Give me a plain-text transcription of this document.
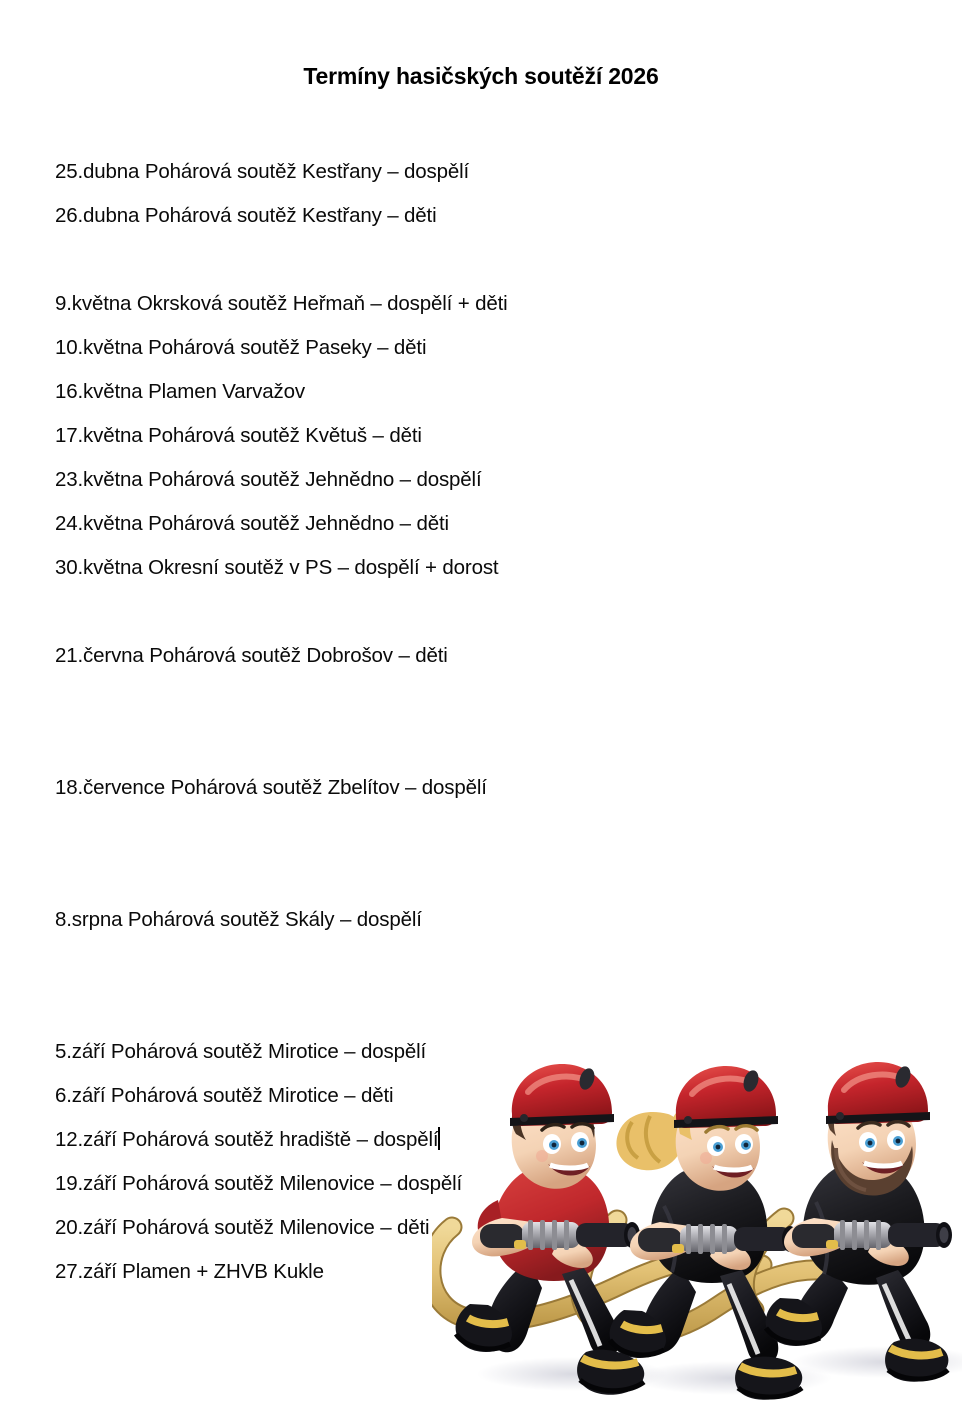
Termíny hasičských soutěží 2026
25.dubna Pohárová soutěž Kestřany – dospělí
26.dubna Pohárová soutěž Kestřany – děti
9.května Okrsková soutěž Heřmaň – dospělí + děti
10.května Pohárová soutěž Paseky – děti
16.května Plamen Varvažov
17.května Pohárová soutěž Květuš – děti
23.května Pohárová soutěž Jehnědno – dospělí
24.května Pohárová soutěž Jehnědno – děti
30.května Okresní soutěž v PS – dospělí + dorost
21.června Pohárová soutěž Dobrošov – děti
18.července Pohárová soutěž Zbelítov – dospělí
8.srpna Pohárová soutěž Skály – dospělí
5.září Pohárová soutěž Mirotice – dospělí
6.září Pohárová soutěž Mirotice – děti
12.září Pohárová soutěž hradiště – dospělí
19.září Pohárová soutěž Milenovice – dospělí
20.září Pohárová soutěž Milenovice – děti
27.září Plamen + ZHVB Kukle
